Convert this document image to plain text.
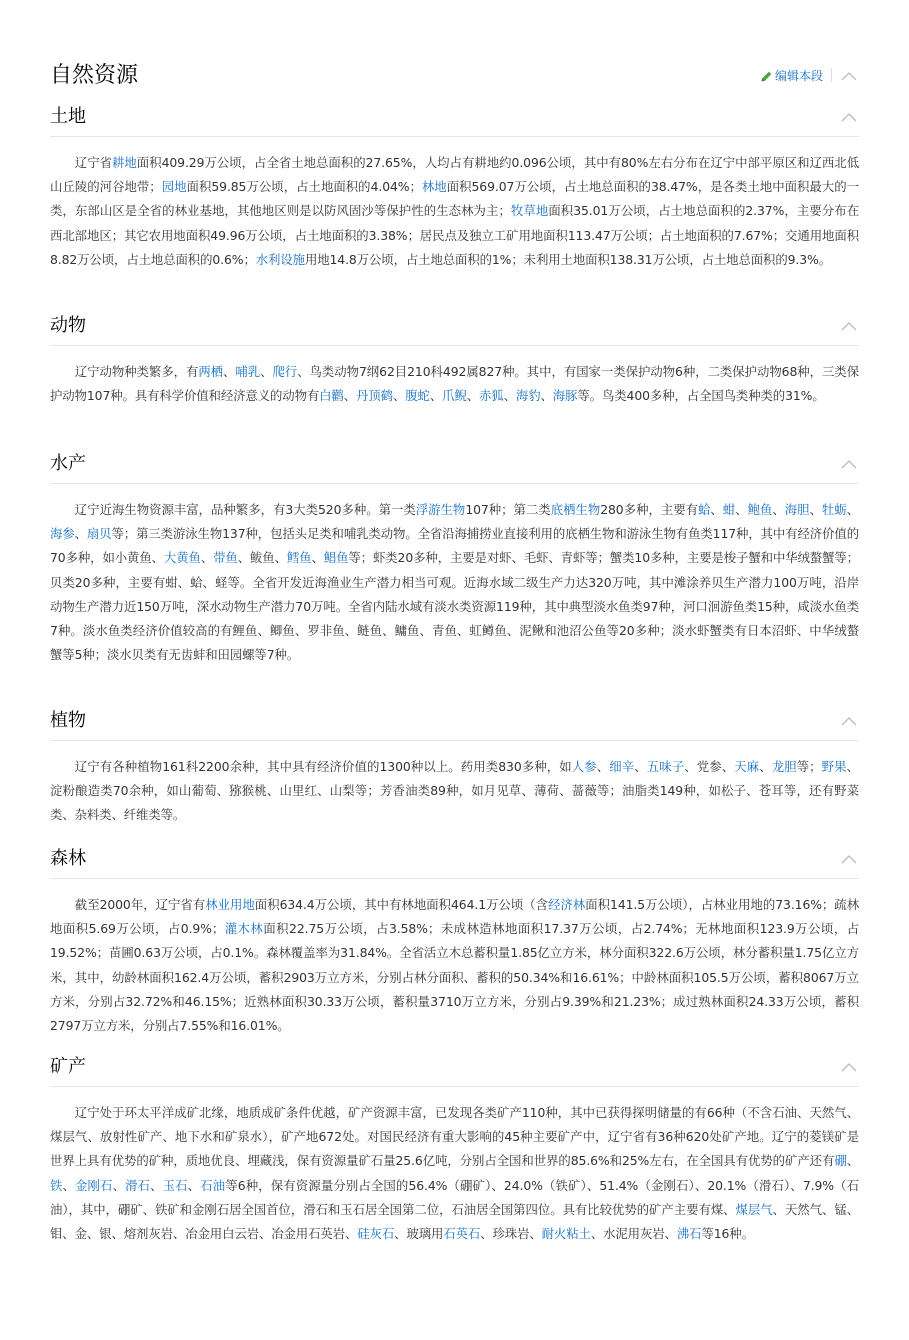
自然资源	编辑本段
土地

辽宁省耕地面积409.29万公顷，占全省土地总面积的27.65%，人均占有耕地约0.096公顷，其中有80%左右分布在辽宁中部平原区和辽西北低山丘陵的河谷地带；园地面积59.85万公顷，占土地面积的4.04%；林地面积569.07万公顷，占土地总面积的38.47%，是各类土地中面积最大的一类，东部山区是全省的林业基地，其他地区则是以防风固沙等保护性的生态林为主；牧草地面积35.01万公顷，占土地总面积的2.37%，主要分布在西北部地区；其它农用地面积49.96万公顷，占土地面积的3.38%；居民点及独立工矿用地面积113.47万公顷；占土地面积的7.67%；交通用地面积8.82万公顷，占土地总面积的0.6%；水利设施用地14.8万公顷，占土地总面积的1%；未利用土地面积138.31万公顷，占土地总面积的9.3%。

动物

辽宁动物种类繁多，有两栖、哺乳、爬行、鸟类动物7纲62目210科492属827种。其中，有国家一类保护动物6种，二类保护动物68种，三类保护动物107种。具有科学价值和经济意义的动物有白鹳、丹顶鹤、腹蛇、爪鲵、赤狐、海豹、海豚等。鸟类400多种，占全国鸟类种类的31%。

水产

辽宁近海生物资源丰富，品种繁多，有3大类520多种。第一类浮游生物107种；第二类底栖生物280多种，主要有蛤、蚶、鲍鱼、海胆、牡蛎、海参、扇贝等；第三类游泳生物137种，包括头足类和哺乳类动物。全省沿海捕捞业直接利用的底栖生物和游泳生物有鱼类117种，其中有经济价值的70多种，如小黄鱼、大黄鱼、带鱼、鲅鱼、鳕鱼、鲳鱼等；虾类20多种，主要是对虾、毛虾、青虾等；蟹类10多种，主要是梭子蟹和中华绒螯蟹等；贝类20多种，主要有蚶、蛤、蛏等。全省开发近海渔业生产潜力相当可观。近海水域二级生产力达320万吨，其中滩涂养贝生产潜力100万吨，沿岸动物生产潜力近150万吨，深水动物生产潜力70万吨。全省内陆水域有淡水类资源119种，其中典型淡水鱼类97种，河口洄游鱼类15种，咸淡水鱼类7种。淡水鱼类经济价值较高的有鲤鱼、鲫鱼、罗非鱼、鲢鱼、鳙鱼、青鱼、虹鳟鱼、泥鳅和池沼公鱼等20多种；淡水虾蟹类有日本沼虾、中华绒螯蟹等5种；淡水贝类有无齿蚌和田园螺等7种。

植物

辽宁有各种植物161科2200余种，其中具有经济价值的1300种以上。药用类830多种，如人参、细辛、五味子、党参、天麻、龙胆等；野果、淀粉酿造类70余种，如山葡萄、猕猴桃、山里红、山梨等；芳香油类89种，如月见草、薄荷、蔷薇等；油脂类149种，如松子、苍耳等，还有野菜类、杂料类、纤维类等。

森林

截至2000年，辽宁省有林业用地面积634.4万公顷，其中有林地面积464.1万公顷（含经济林面积141.5万公顷），占林业用地的73.16%；疏林地面积5.69万公顷，占0.9%；灌木林面积22.75万公顷，占3.58%；未成林造林地面积17.37万公顷，占2.74%；无林地面积123.9万公顷，占19.52%；苗圃0.63万公顷，占0.1%。森林覆盖率为31.84%。全省活立木总蓄积量1.85亿立方米，林分面积322.6万公顷，林分蓄积量1.75亿立方米，其中，幼龄林面积162.4万公顷，蓄积2903万立方米，分别占林分面积、蓄积的50.34%和16.61%；中龄林面积105.5万公顷，蓄积8067万立方米，分别占32.72%和46.15%；近熟林面积30.33万公顷，蓄积量3710万立方米，分别占9.39%和21.23%；成过熟林面积24.33万公顷，蓄积2797万立方米，分别占7.55%和16.01%。

矿产

辽宁处于环太平洋成矿北缘，地质成矿条件优越，矿产资源丰富，已发现各类矿产110种，其中已获得探明储量的有66种（不含石油、天然气、煤层气、放射性矿产、地下水和矿泉水），矿产地672处。对国民经济有重大影响的45种主要矿产中，辽宁省有36种620处矿产地。辽宁的菱镁矿是世界上具有优势的矿种，质地优良、埋藏浅，保有资源量矿石量25.6亿吨，分别占全国和世界的85.6%和25%左右，在全国具有优势的矿产还有硼、铁、金刚石、滑石、玉石、石油等6种，保有资源量分别占全国的56.4%（硼矿）、24.0%（铁矿）、51.4%（金刚石）、20.1%（滑石）、7.9%（石油），其中，硼矿、铁矿和金刚石居全国首位，滑石和玉石居全国第二位，石油居全国第四位。具有比较优势的矿产主要有煤、煤层气、天然气、锰、钼、金、银、熔剂灰岩、冶金用白云岩、冶金用石英岩、硅灰石、玻璃用石英石、珍珠岩、耐火粘土、水泥用灰岩、沸石等16种。
